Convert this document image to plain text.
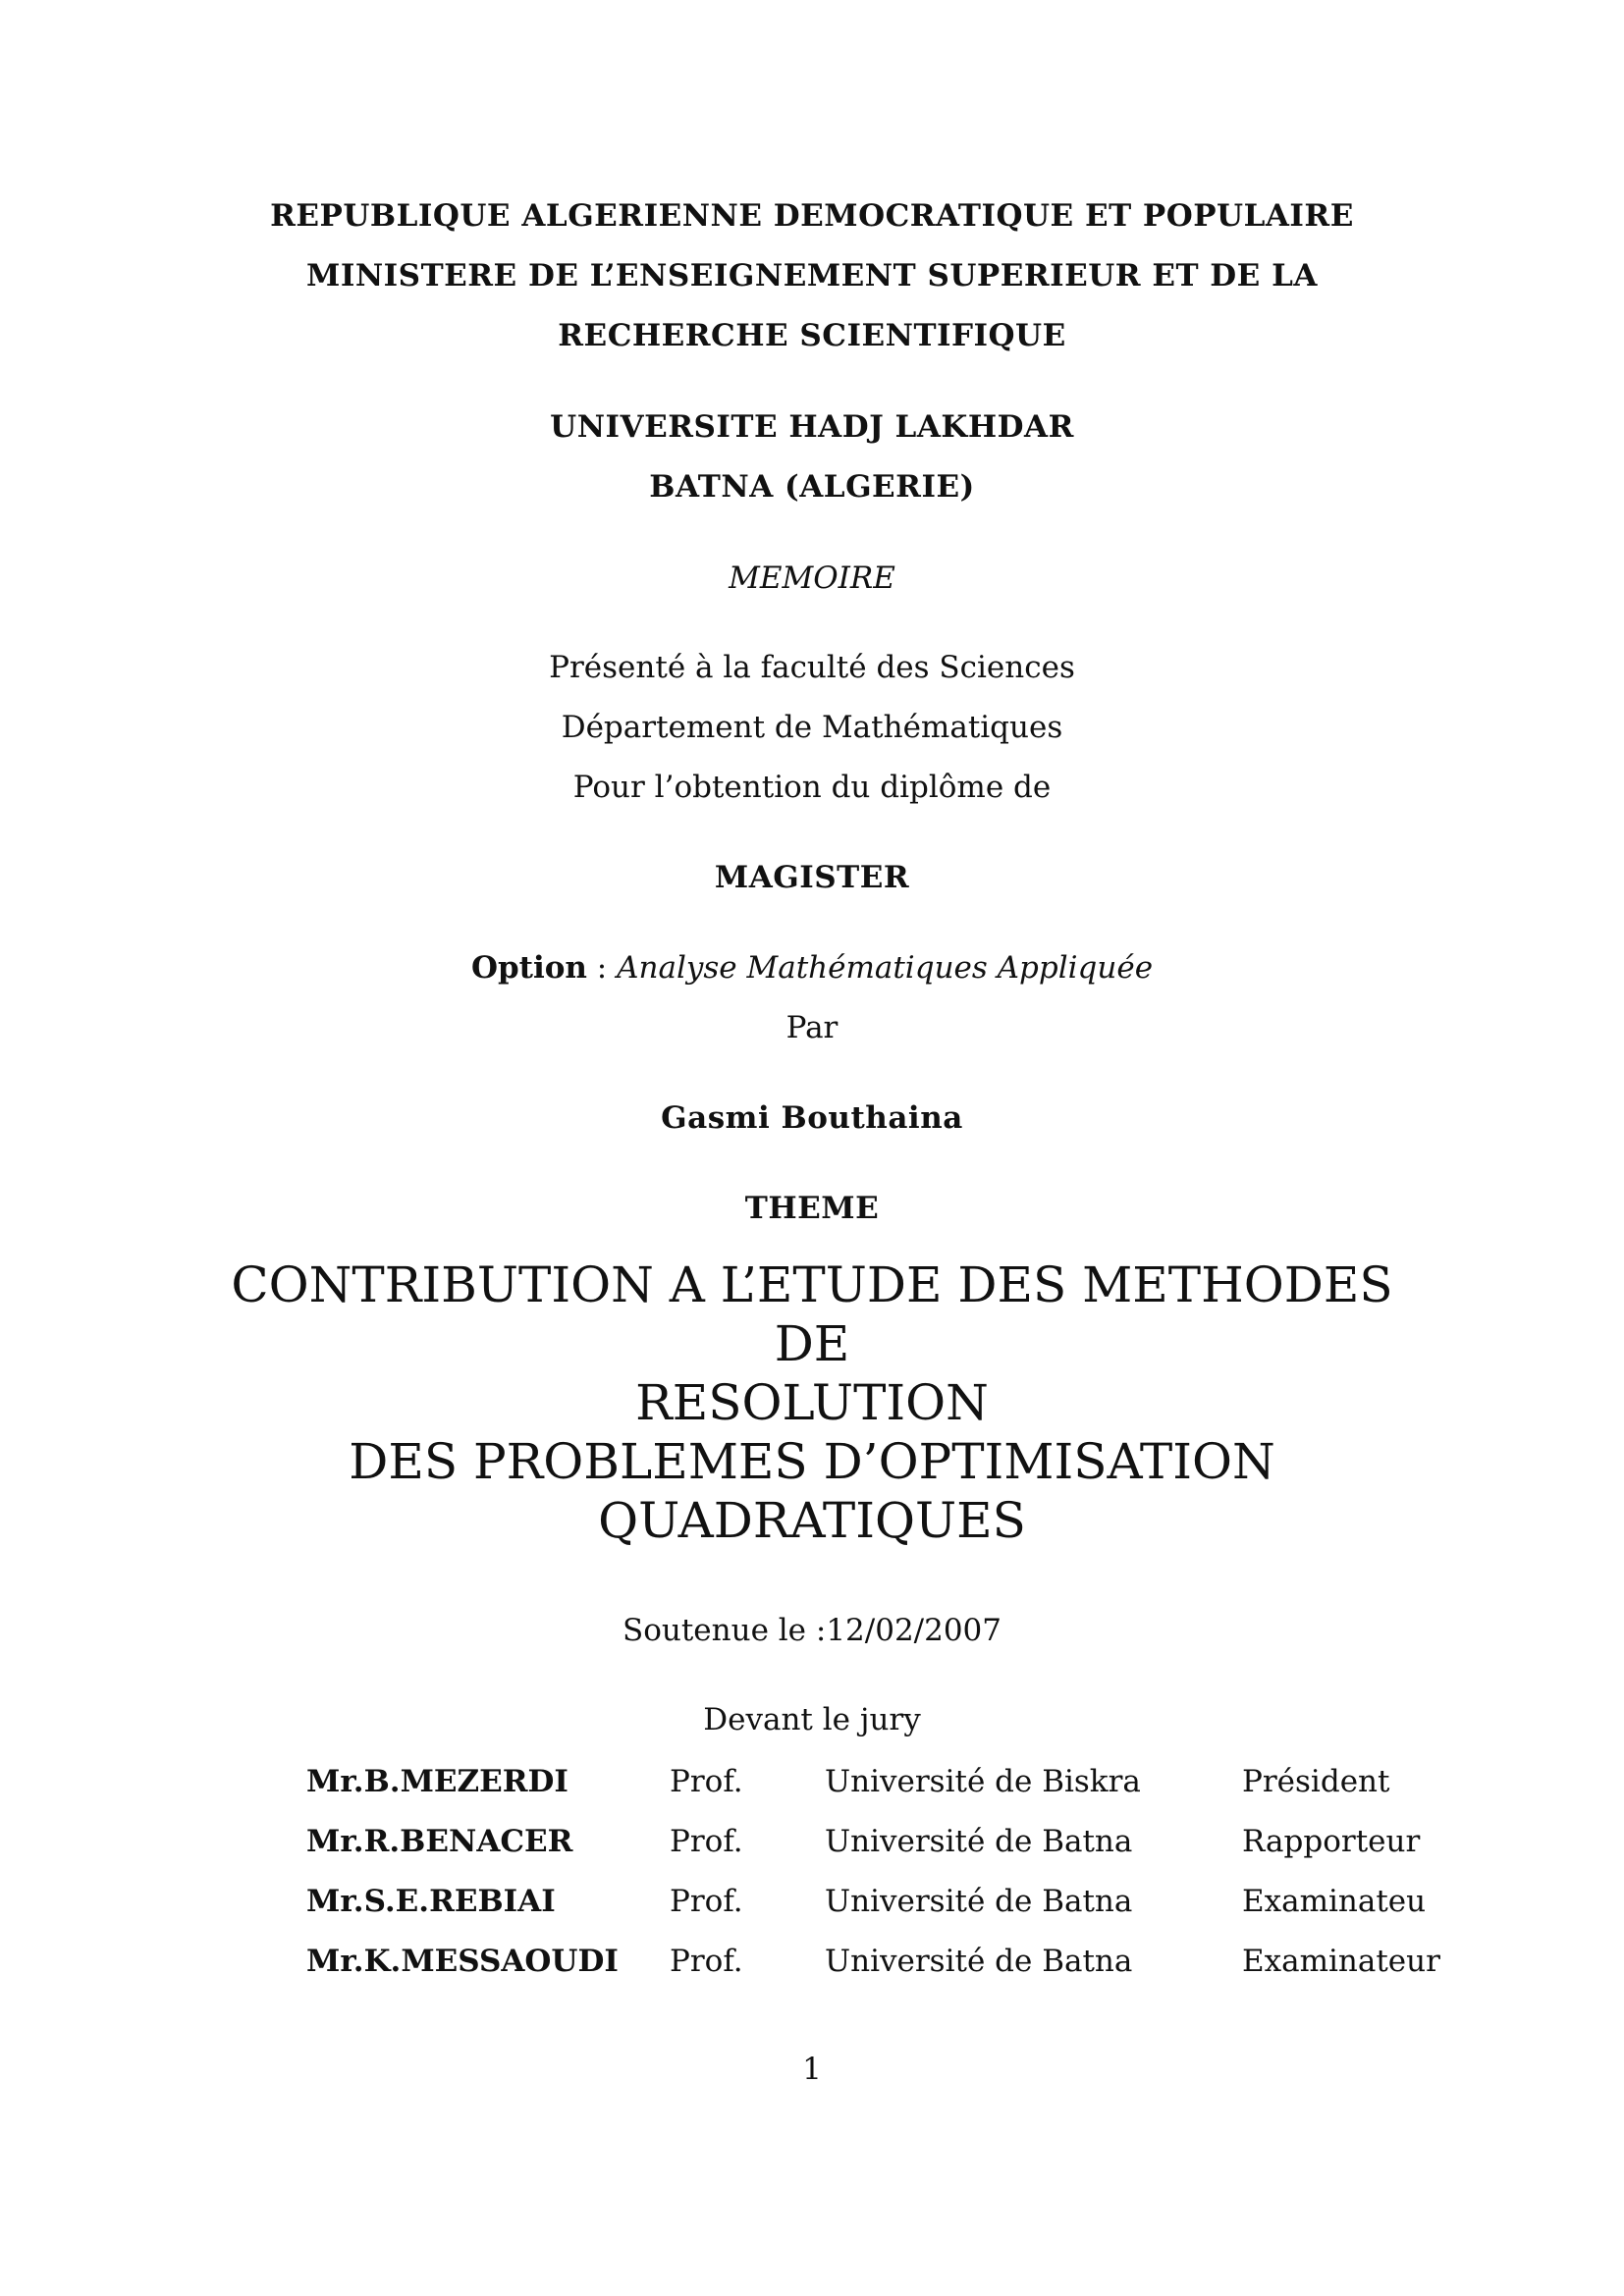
REPUBLIQUE ALGERIENNE DEMOCRATIQUE ET POPULAIRE
MINISTERE DE L’ENSEIGNEMENT SUPERIEUR ET DE LA
RECHERCHE SCIENTIFIQUE
UNIVERSITE HADJ LAKHDAR
BATNA (ALGERIE)
MEMOIRE
Présenté à la faculté des Sciences
Département de Mathématiques
Pour l’obtention du diplôme de
MAGISTER
Option : Analyse Mathématiques Appliquée
Par
Gasmi Bouthaina
THEME
CONTRIBUTION A L’ETUDE DES METHODES
DE
RESOLUTION
DES PROBLEMES D’OPTIMISATION
QUADRATIQUES
Soutenue le :12/02/2007
Devant le jury
Mr.B.MEZERDI	Prof.	Université de Biskra	Président
Mr.R.BENACER	Prof.	Université de Batna	Rapporteur
Mr.S.E.REBIAI	Prof.	Université de Batna	Examinateu
Mr.K.MESSAOUDI	Prof.	Université de Batna	Examinateur
1
